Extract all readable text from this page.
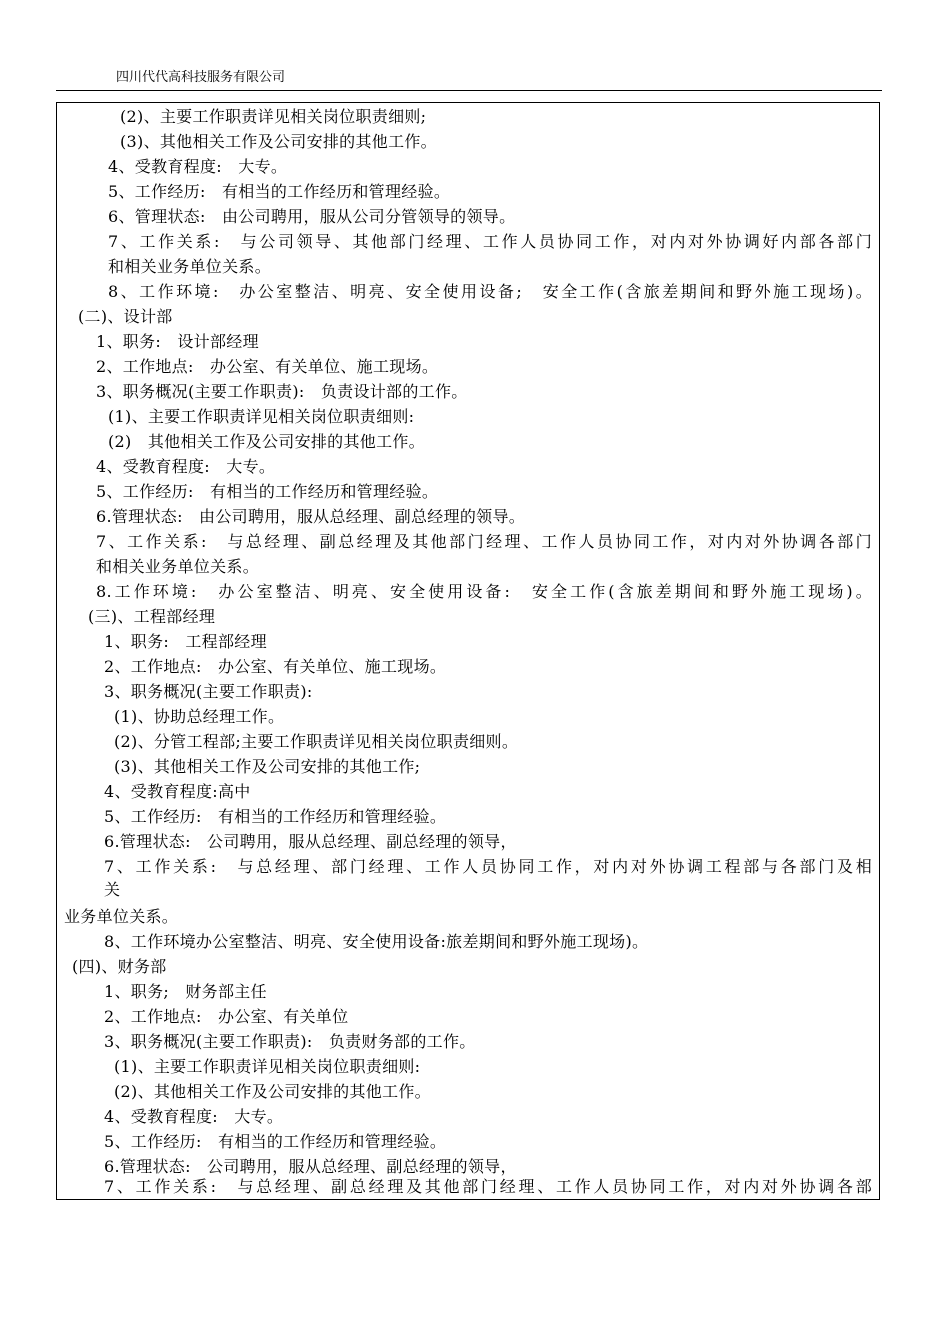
四川代代高科技服务有限公司
(2)、主要工作职责详见相关岗位职责细则;
(3)、其他相关工作及公司安排的其他工作。
4、受教育程度:　大专。
5、工作经历:　有相当的工作经历和管理经验。
6、管理状态:　由公司聘用，服从公司分管领导的领导。
7、工作关系:　与公司领导、其他部门经理、工作人员协同工作，对内对外协调好内部各部门
和相关业务单位关系。
8、工作环境:　办公室整洁、明亮、安全使用设备;　安全工作(含旅差期间和野外施工现场)。
(二)、设计部
1、职务:　设计部经理
2、工作地点:　办公室、有关单位、施工现场。
3、职务概况(主要工作职责):　负责设计部的工作。
(1)、主要工作职责详见相关岗位职责细则:
(2)　其他相关工作及公司安排的其他工作。
4、受教育程度:　大专。
5、工作经历:　有相当的工作经历和管理经验。
6.管理状态:　由公司聘用，服从总经理、副总经理的领导。
7、工作关系:　与总经理、副总经理及其他部门经理、工作人员协同工作，对内对外协调各部门
和相关业务单位关系。
8.工作环境:　办公室整洁、明亮、安全使用设备:　安全工作(含旅差期间和野外施工现场)。
(三)、工程部经理
1、职务:　工程部经理
2、工作地点:　办公室、有关单位、施工现场。
3、职务概况(主要工作职责):
(1)、协助总经理工作。
(2)、分管工程部;主要工作职责详见相关岗位职责细则。
(3)、其他相关工作及公司安排的其他工作;
4、受教育程度:高中
5、工作经历:　有相当的工作经历和管理经验。
6.管理状态:　公司聘用，服从总经理、副总经理的领导，
7、工作关系:　与总经理、部门经理、工作人员协同工作，对内对外协调工程部与各部门及相
关
业务单位关系。
8、工作环境办公室整洁、明亮、安全使用设备:旅差期间和野外施工现场)。
(四)、财务部
1、职务;　财务部主任
2、工作地点:　办公室、有关单位
3、职务概况(主要工作职责):　负责财务部的工作。
(1)、主要工作职责详见相关岗位职责细则:
(2)、其他相关工作及公司安排的其他工作。
4、受教育程度:　大专。
5、工作经历:　有相当的工作经历和管理经验。
6.管理状态:　公司聘用，服从总经理、副总经理的领导，
7、工作关系:　与总经理、副总经理及其他部门经理、工作人员协同工作，对内对外协调各部
